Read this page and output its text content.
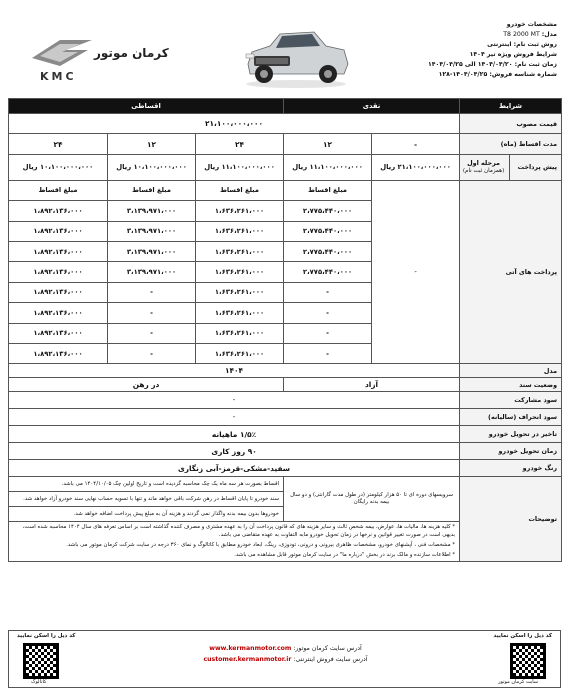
کرمان موتور
KMC
مشخصات خودرو
مدل: T8 2000 MT
روش ثبت نام: اینترنتی
شرایط فروش ویژه تیر ۱۴۰۴
زمان ثبت نام: ۱۴۰۴/۰۴/۲۰ الی ۱۴۰۴/۰۴/۲۵
شماره شناسه فروش: ۱۴۰۴/۰۴/۲۵-۱۲۸
شرایط		نقدی		اقساطی		
قیمت مصوب		۲۱،۱۰۰،۰۰۰،۰۰۰				
مدت اقساط (ماه)		-	۱۲	۲۴	۱۲	۲۴
پیش پرداخت	مرحله اول
(همزمان ثبت نام)	۲۱،۱۰۰،۰۰۰،۰۰۰ ریال	۱۱،۱۰۰،۰۰۰،۰۰۰ ریال	۱۱،۱۰۰،۰۰۰،۰۰۰ ریال	۱۰،۱۰۰،۰۰۰،۰۰۰ ریال	۱۰،۱۰۰،۰۰۰،۰۰۰ ریال
پرداخت های آتی		-	مبلغ اقساط	مبلغ اقساط	مبلغ اقساط	مبلغ اقساط
			۲،۷۷۵،۴۴۰،۰۰۰	۱،۶۳۶،۲۶۱،۰۰۰	۳،۱۳۹،۹۷۱،۰۰۰	۱،۸۹۲،۱۳۶،۰۰۰
			۲،۷۷۵،۴۴۰،۰۰۰	۱،۶۳۶،۲۶۱،۰۰۰	۳،۱۳۹،۹۷۱،۰۰۰	۱،۸۹۲،۱۳۶،۰۰۰
			۲،۷۷۵،۴۴۰،۰۰۰	۱،۶۳۶،۲۶۱،۰۰۰	۳،۱۳۹،۹۷۱،۰۰۰	۱،۸۹۲،۱۳۶،۰۰۰
			۲،۷۷۵،۴۴۰،۰۰۰	۱،۶۳۶،۲۶۱،۰۰۰	۳،۱۳۹،۹۷۱،۰۰۰	۱،۸۹۲،۱۳۶،۰۰۰
			-	۱،۶۳۶،۲۶۱،۰۰۰	-	۱،۸۹۲،۱۳۶،۰۰۰
			-	۱،۶۳۶،۲۶۱،۰۰۰	-	۱،۸۹۲،۱۳۶،۰۰۰
			-	۱،۶۳۶،۲۶۱،۰۰۰	-	۱،۸۹۲،۱۳۶،۰۰۰
			-	۱،۶۳۶،۲۶۱،۰۰۰	-	۱،۸۹۲،۱۳۶،۰۰۰
مدل		۱۴۰۴				
وضعیت سند		آزاد		در رهن		
سود مشارکت		-				
سود انحراف (سالیانه)		-				
تاخیر در تحویل خودرو		۱/۵٪ ماهیانه				
زمان تحویل خودرو		۹۰ روز کاری				
رنگ خودرو		سفید-مشکی-قرمز-آبی زنگاری				
توضیحات		سرویسهای دوره ای تا ۵۰ هزار کیلومتر (در طول مدت گارانتی) و دو سال بیمه بدنه رایگان		اقساط بصورت هر سه ماه یک چک محاسبه گردیده است و تاریخ اولین چک ۱۴۰۴/۱۰/۰۵ می باشد.		
				سند خودرو تا پایان اقساط در رهن شرکت باقی خواهد ماند و تنها با تسویه حساب نهایی سند خودرو آزاد خواهد شد.		
				خودروها بدون بیمه بدنه واگذار نمی گردند و هزینه آن به مبلغ پیش پرداخت اضافه خواهد شد.		

		* کلیه هزینه ها، مالیات ها، عوارض، بیمه شخص ثالث و سایر هزینه های که قانون پرداخت آن را به عهده مشتری و مصرف کننده گذاشته است بر اساس تعرفه های سال ۱۴۰۴ محاسبه شده است، بدیهی است در صورت تغییر قوانین و نرخها در زمان تحویل خودرو مابه التفاوت به عهده متقاضی می باشد.
* مشخصات فنی ، آپشنهای خودرو، مشخصات ظاهری بیرونی و درونی، تودوزی، رینگ، ابعاد خودرو مطابق با کاتالوگ و نمای ۳۶۰ درجه در سایت شرکت کرمان موتور می باشد.
* اطلاعات سازنده و مالک برند در بخش "درباره ما" در سایت کرمان موتور قابل مشاهده می باشد.				
کد ذیل را اسکن نمایید
سایت کرمان موتور
آدرس سایت کرمان موتور: www.kermanmotor.com
آدرس سایت فروش اینترنتی: customer.kermanmotor.ir
کد ذیل را اسکن نمایید
کاتالوگ
